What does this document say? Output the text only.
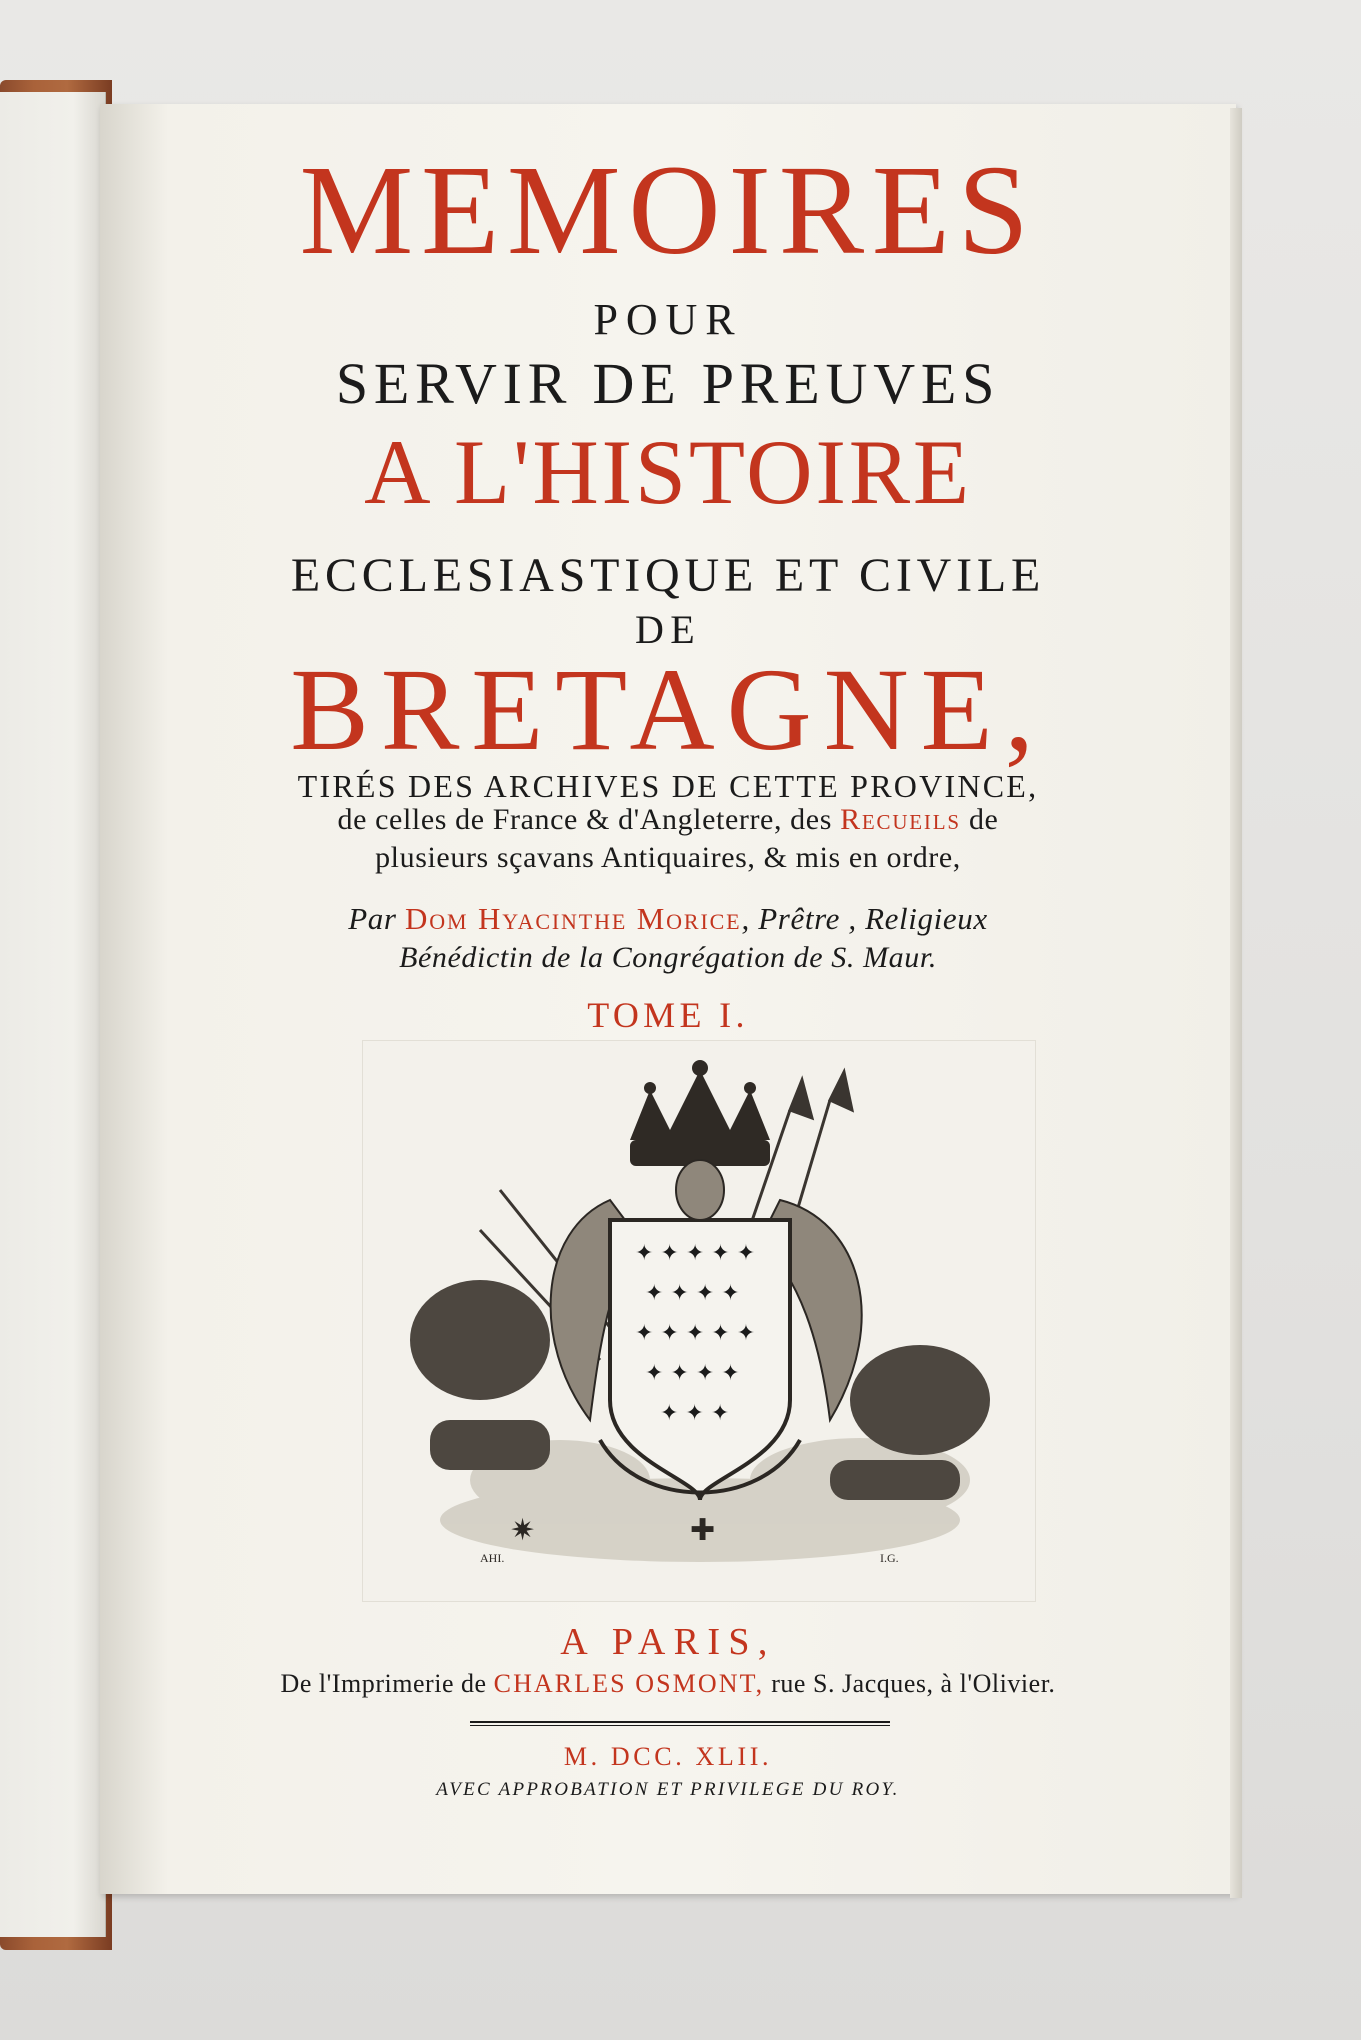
MEMOIRES
POUR
SERVIR DE PREUVES
A L'HISTOIRE
ECCLESIASTIQUE ET CIVILE
DE
BRETAGNE,
TIRÉS DES ARCHIVES DE CETTE PROVINCE,
de celles de France & d'Angleterre, des Recueils de
plusieurs sçavans Antiquaires, & mis en ordre,
Par Dom Hyacinthe Morice, Prêtre , Religieux
Bénédictin de la Congrégation de S. Maur.
TOME I.
✦ ✦ ✦ ✦ ✦
✦ ✦ ✦ ✦
✦ ✦ ✦ ✦ ✦
✦ ✦ ✦ ✦
✦ ✦ ✦
✚
✷
AHI.	I.G.
A PARIS,
De l'Imprimerie de CHARLES OSMONT, rue S. Jacques, à l'Olivier.
M. DCC. XLII.
AVEC APPROBATION ET PRIVILEGE DU ROY.
